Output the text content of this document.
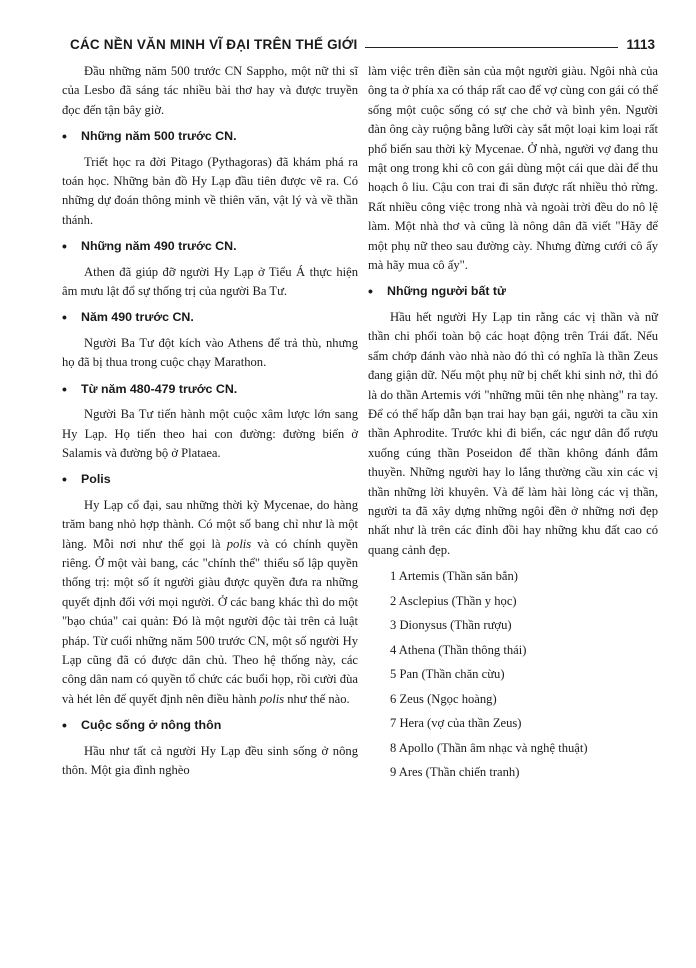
CÁC NỀN VĂN MINH VĨ ĐẠI TRÊN THẾ GIỚI	1113

Đầu những năm 500 trước CN Sappho, một nữ thi sĩ của Lesbo đã sáng tác nhiều bài thơ hay và được truyền đọc đến tận bây giờ.

• Những năm 500 trước CN.

Triết học ra đời Pitago (Pythagoras) đã khám phá ra toán học. Những bản đồ Hy Lạp đầu tiên được vẽ ra. Có những dự đoán thông minh về thiên văn, vật lý và về thần thánh.

• Những năm 490 trước CN.

Athen đã giúp đỡ người Hy Lạp ở Tiểu Á thực hiện âm mưu lật đổ sự thống trị của người Ba Tư.

• Năm 490 trước CN.

Người Ba Tư đột kích vào Athens để trả thù, nhưng họ đã bị thua trong cuộc chạy Marathon.

• Từ năm 480-479 trước CN.

Người Ba Tư tiến hành một cuộc xâm lược lớn sang Hy Lạp. Họ tiến theo hai con đường: đường biển ở Salamis và đường bộ ở Plataea.

• Polis

Hy Lạp cổ đại, sau những thời kỳ Mycenae, do hàng trăm bang nhỏ hợp thành. Có một số bang chỉ như là một làng. Mỗi nơi như thế gọi là polis và có chính quyền riêng. Ở một vài bang, các "chính thể" thiểu số lập quyền thống trị: một số ít người giàu được quyền đưa ra những quyết định đối với mọi người. Ở các bang khác thì do một "bạo chúa" cai quản: Đó là một người độc tài trên cả luật pháp. Từ cuối những năm 500 trước CN, một số người Hy Lạp cũng đã có được dân chủ. Theo hệ thống này, các công dân nam có quyền tổ chức các buổi họp, rồi cười đùa và hét lên để quyết định nên điều hành polis như thế nào.

• Cuộc sống ở nông thôn

Hầu như tất cả người Hy Lạp đều sinh sống ở nông thôn. Một gia đình nghèo

làm việc trên điền sản của một người giàu. Ngôi nhà của ông ta ở phía xa có tháp rất cao để vợ cùng con gái có thể sống một cuộc sống có sự che chở và bình yên. Người đàn ông cày ruộng bằng lưỡi cày sắt một loại kim loại rất phổ biến sau thời kỳ Mycenae. Ở nhà, người vợ đang thu mật ong trong khi cô con gái dùng một cái que dài để thu hoạch ô liu. Cậu con trai đi săn được rất nhiều thỏ rừng. Rất nhiều công việc trong nhà và ngoài trời đều do nô lệ làm. Một nhà thơ và cũng là nông dân đã viết "Hãy để một phụ nữ theo sau đường cày. Nhưng đừng cưới cô ấy mà hãy mua cô ấy".

• Những người bất tử

Hầu hết người Hy Lạp tin rằng các vị thần và nữ thần chi phối toàn bộ các hoạt động trên Trái đất. Nếu sấm chớp đánh vào nhà nào đó thì có nghĩa là thần Zeus đang giận dữ. Nếu một phụ nữ bị chết khi sinh nở, thì đó là do thần Artemis với "những mũi tên nhẹ nhàng" ra tay. Để có thể hấp dẫn bạn trai hay bạn gái, người ta cầu xin thần Aphrodite. Trước khi đi biển, các ngư dân đổ rượu xuống cúng thần Poseidon để thần không đánh đắm thuyền. Những người hay lo lắng thường cầu xin các vị thần những lời khuyên. Và để làm hài lòng các vị thần, người ta đã xây dựng những ngôi đền ở những nơi đẹp nhất như là trên các đỉnh đồi hay những khu đất cao có quang cảnh đẹp.

1 Artemis (Thần săn bắn)
2 Asclepius (Thần y học)
3 Dionysus (Thần rượu)
4 Athena (Thần thông thái)
5 Pan (Thần chăn cừu)
6 Zeus (Ngọc hoàng)
7 Hera (vợ của thần Zeus)
8 Apollo (Thần âm nhạc và nghệ thuật)
9 Ares (Thần chiến tranh)
